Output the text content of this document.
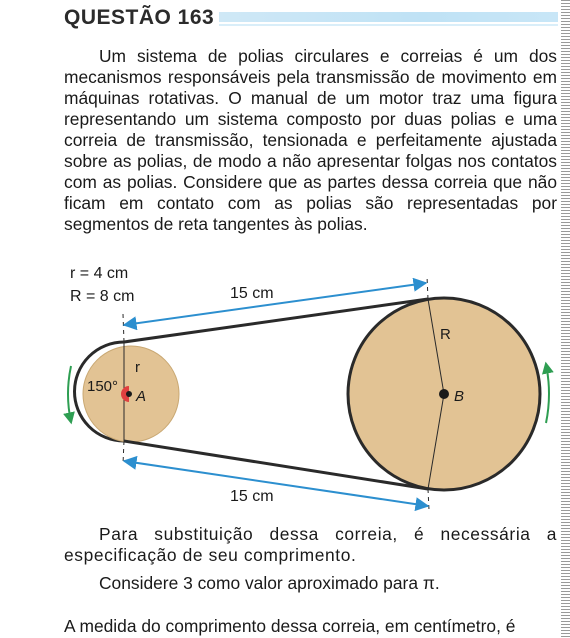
QUESTÃO 163

Um sistema de polias circulares e correias é um dos mecanismos responsáveis pela transmissão de movimento em máquinas rotativas. O manual de um motor traz uma figura representando um sistema composto por duas polias e uma correia de transmissão, tensionada e perfeitamente ajustada sobre as polias, de modo a não apresentar folgas nos contatos com as polias. Considere que as partes dessa correia que não ficam em contato com as polias são representadas por segmentos de reta tangentes às polias.

r = 4 cm
R = 8 cm	15 cm
15 cm
150°
r
A
R
B

Para substituição dessa correia, é necessária a especificação de seu comprimento.

Considere 3 como valor aproximado para π.

A medida do comprimento dessa correia, em centímetro, é
